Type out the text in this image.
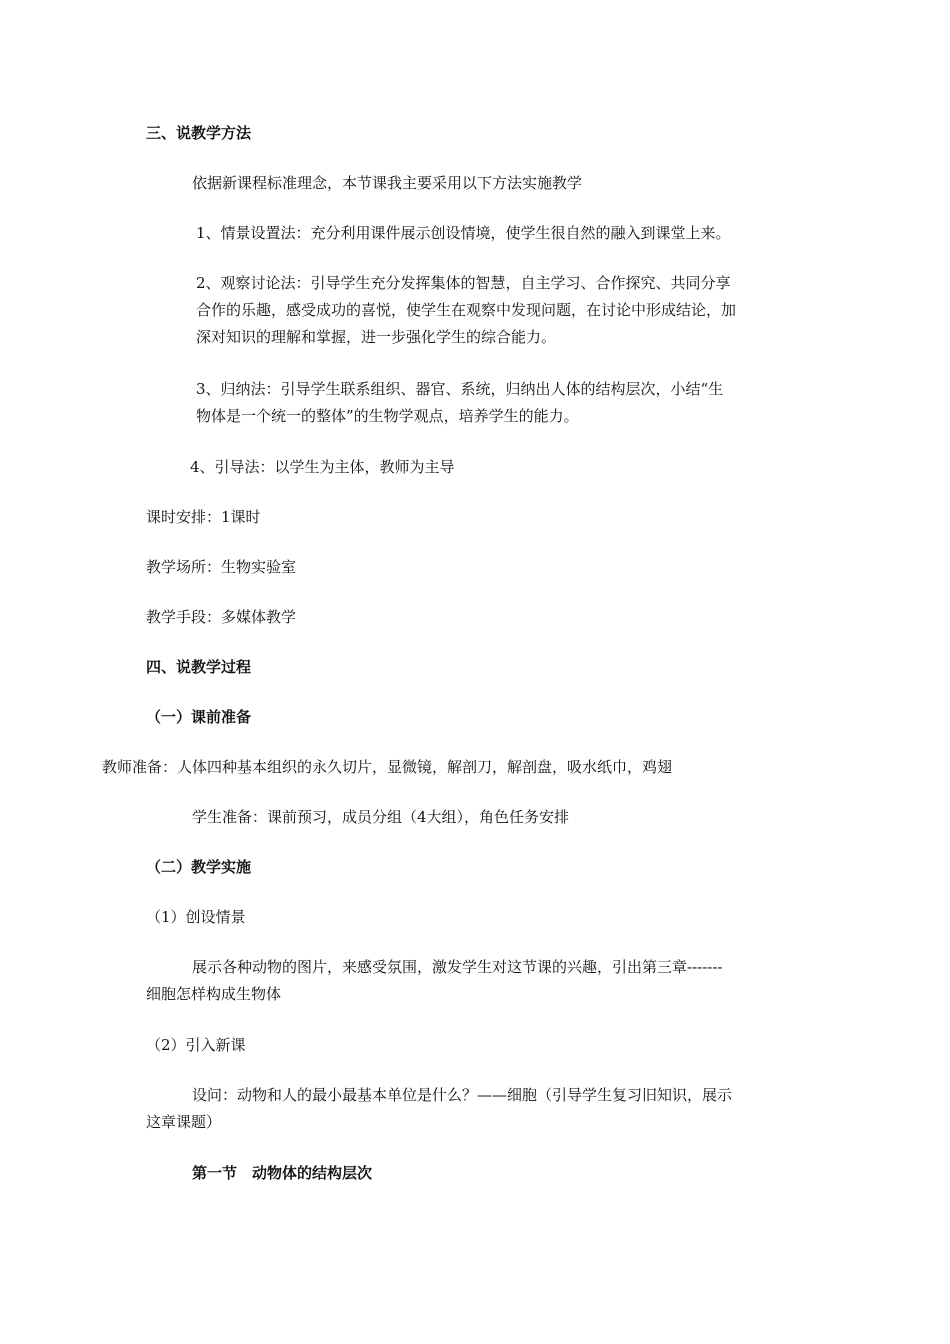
三、说教学方法
依据新课程标准理念，本节课我主要采用以下方法实施教学
1、情景设置法：充分利用课件展示创设情境，使学生很自然的融入到课堂上来。
2、观察讨论法：引导学生充分发挥集体的智慧，自主学习、合作探究、共同分享
合作的乐趣，感受成功的喜悦，使学生在观察中发现问题，在讨论中形成结论，加
深对知识的理解和掌握，进一步强化学生的综合能力。
3、归纳法：引导学生联系组织、器官、系统，归纳出人体的结构层次，小结“生
物体是一个统一的整体”的生物学观点，培养学生的能力。
4、引导法：以学生为主体，教师为主导
课时安排：1课时
教学场所：生物实验室
教学手段：多媒体教学
四、说教学过程
（一）课前准备
教师准备：人体四种基本组织的永久切片，显微镜，解剖刀，解剖盘，吸水纸巾，鸡翅
学生准备：课前预习，成员分组（4大组），角色任务安排
（二）教学实施
（1）创设情景
展示各种动物的图片，来感受氛围，激发学生对这节课的兴趣，引出第三章-------
细胞怎样构成生物体
（2）引入新课
设问：动物和人的最小最基本单位是什么？——细胞（引导学生复习旧知识，展示
这章课题）
第一节　动物体的结构层次
